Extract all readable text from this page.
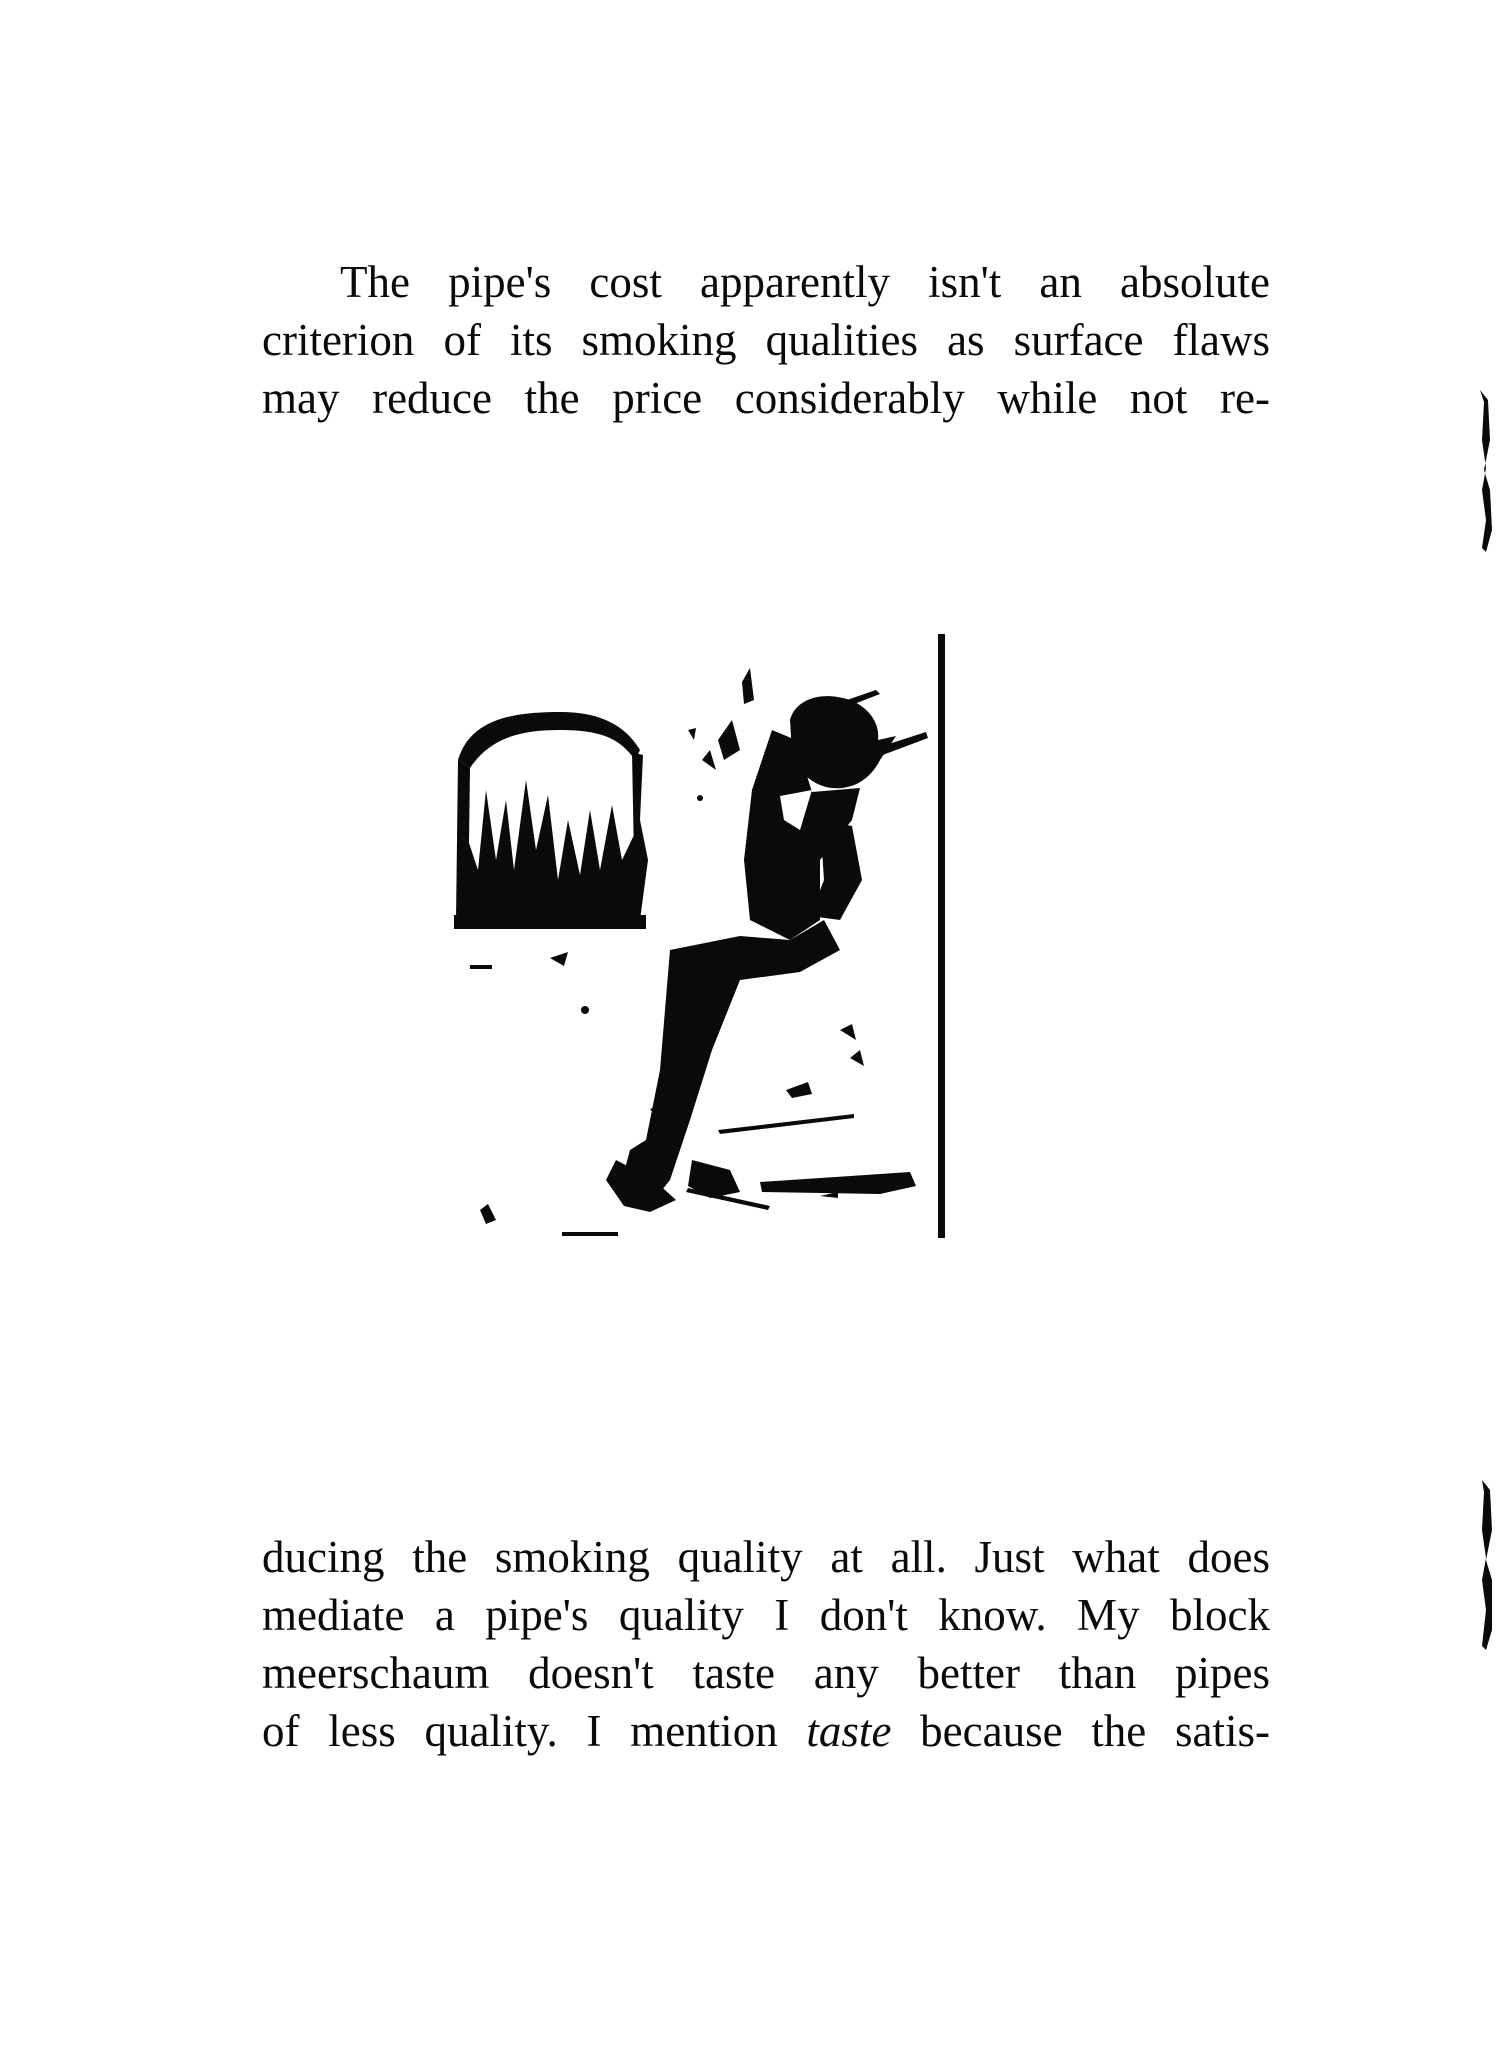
The pipe's cost apparently isn't an absolute
criterion of its smoking qualities as surface flaws
may reduce the price considerably while not re-
ducing the smoking quality at all. Just what does
mediate a pipe's quality I don't know. My block
meerschaum doesn't taste any better than pipes
of less quality. I mention taste because the satis-
